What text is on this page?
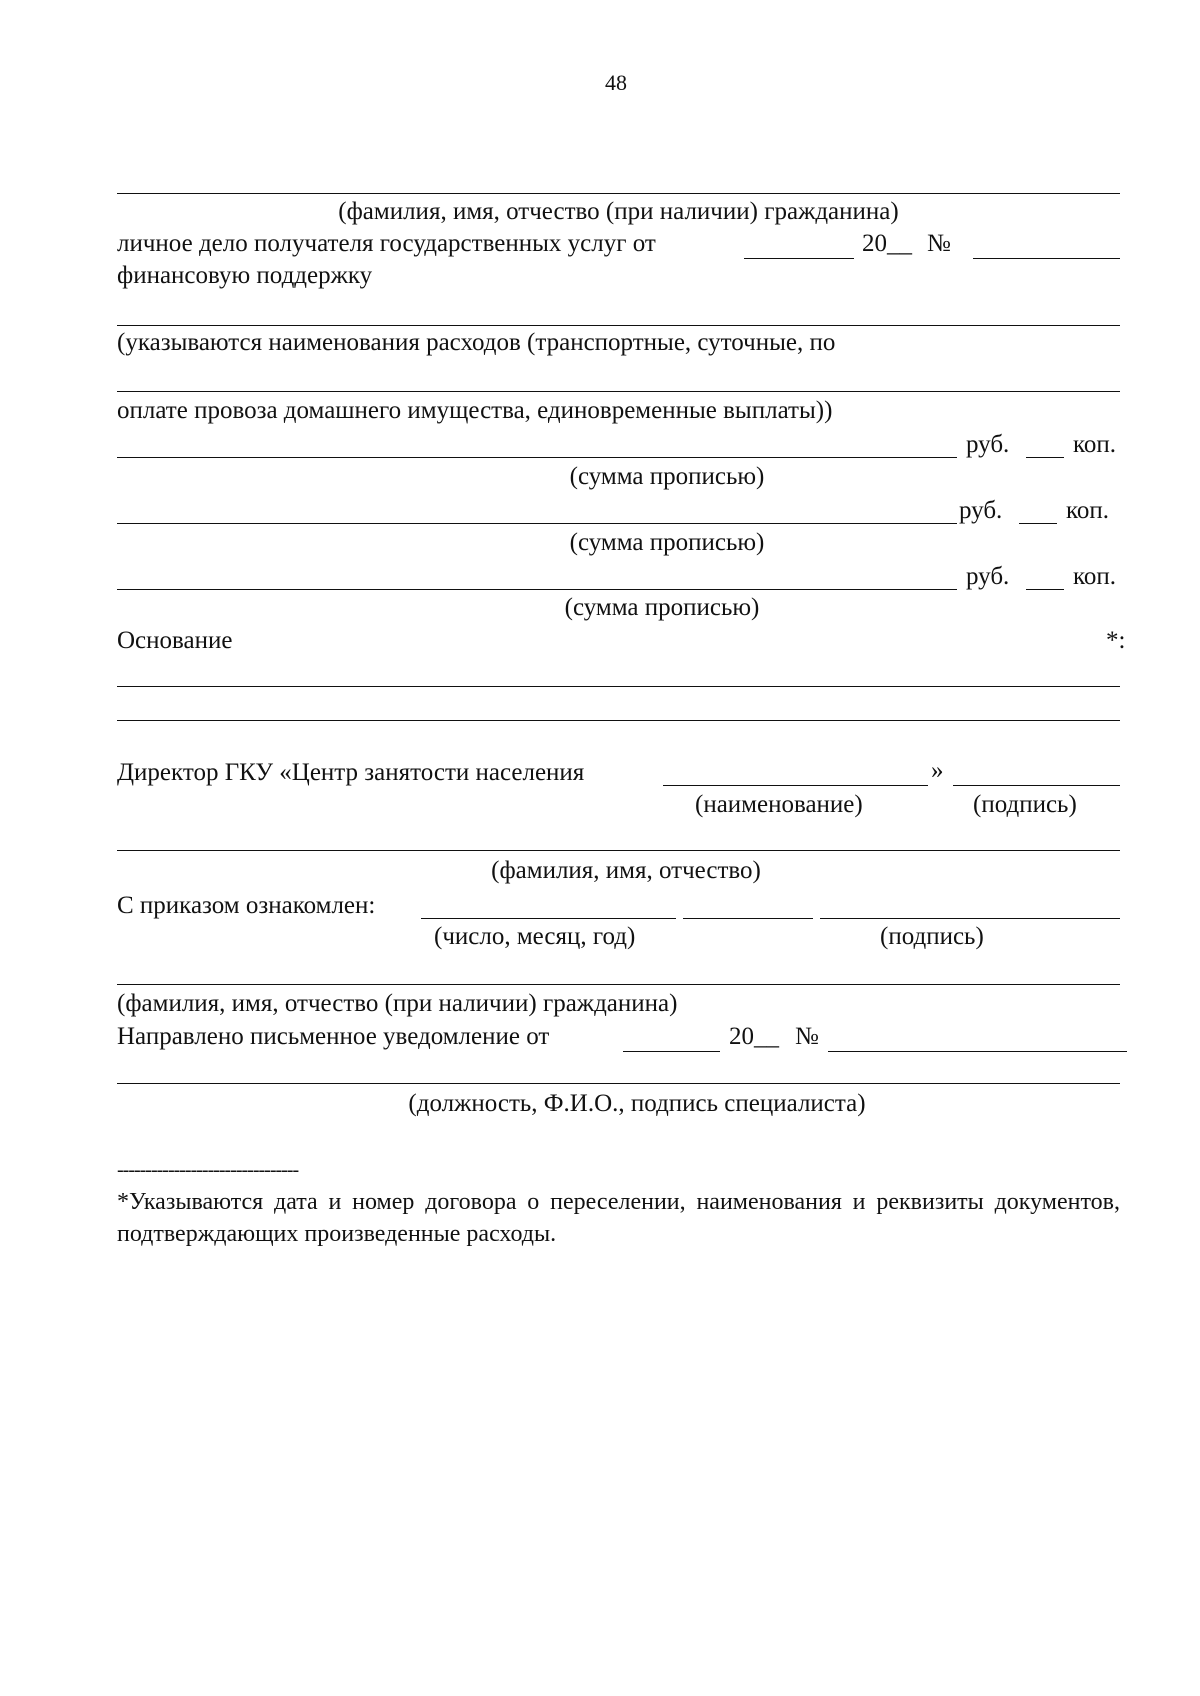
48
(фамилия, имя, отчество (при наличии) гражданина)
личное дело получателя государственных услуг от	20__ №
финансовую поддержку
(указываются наименования расходов (транспортные, суточные, по
оплате провоза домашнего имущества, единовременные выплаты))
руб.	коп.
(сумма прописью)
руб.	коп.
(сумма прописью)
руб.	коп.
(сумма прописью)
Основание	*:
Директор ГКУ «Центр занятости населения	»
(наименование)	(подпись)
(фамилия, имя, отчество)
С приказом ознакомлен:
(число, месяц, год)	(подпись)
(фамилия, имя, отчество (при наличии) гражданина)
Направлено письменное уведомление от	20__ №
(должность, Ф.И.О., подпись специалиста)
--------------------------------
*Указываются дата и номер договора о переселении, наименования и реквизиты документов, подтверждающих произведенные расходы.
